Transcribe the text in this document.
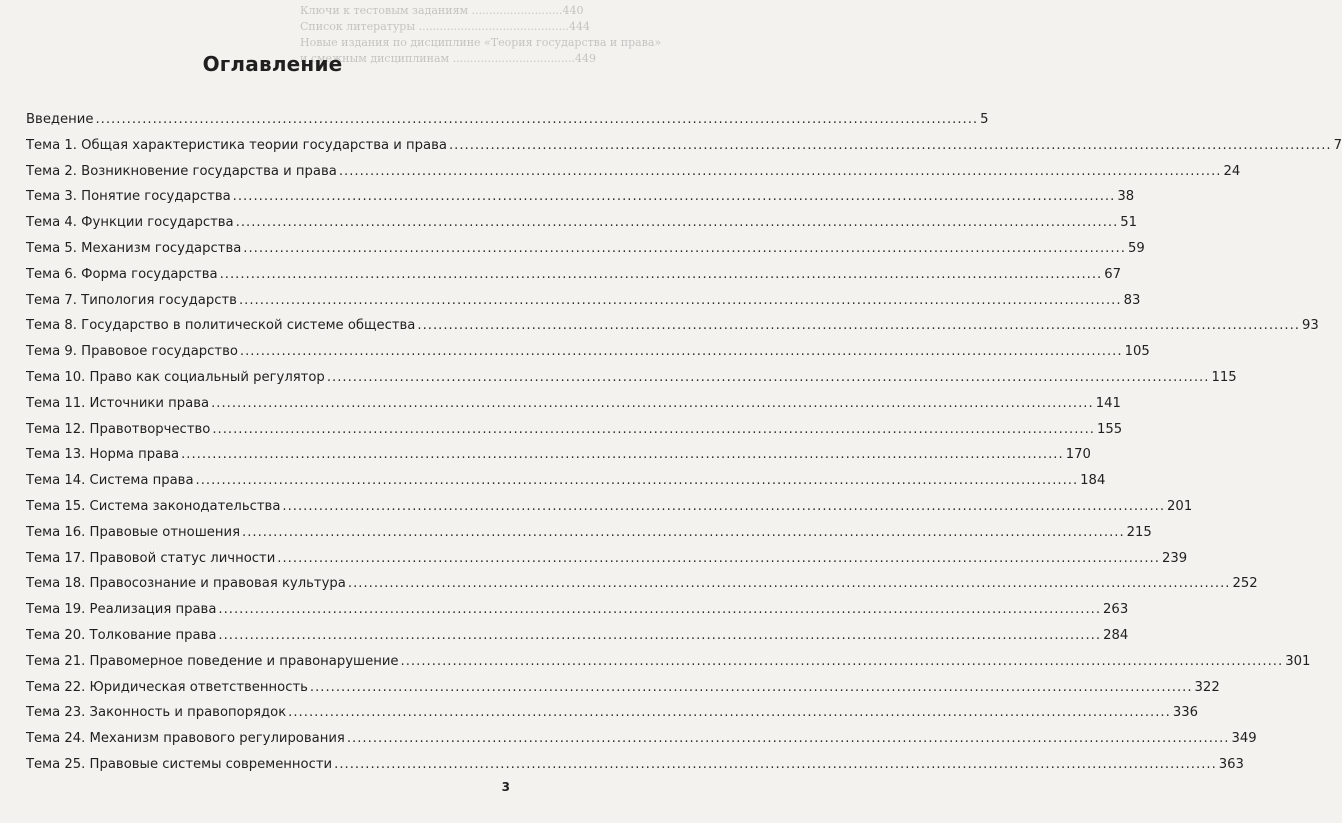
Ключи к тестовым заданиям ..........................440
Список литературы ...........................................444
Новые издания по дисциплине «Теория государства и права»
и смежным дисциплинам ...................................449
Оглавление
Введение .....	5
Тема 1. Общая характеристика теории государства и права .....	7
Тема 2. Возникновение государства и права .....	24
Тема 3. Понятие государства .....	38
Тема 4. Функции государства .....	51
Тема 5. Механизм государства .....	59
Тема 6. Форма государства .....	67
Тема 7. Типология государств .....	83
Тема 8. Государство в политической системе общества .....	93
Тема 9. Правовое государство .....	105
Тема 10. Право как социальный регулятор .....	115
Тема 11. Источники права .....	141
Тема 12. Правотворчество .....	155
Тема 13. Норма права .....	170
Тема 14. Система права .....	184
Тема 15. Система законодательства .....	201
Тема 16. Правовые отношения .....	215
Тема 17. Правовой статус личности .....	239
Тема 18. Правосознание и правовая культура .....	252
Тема 19. Реализация права .....	263
Тема 20. Толкование права .....	284
Тема 21. Правомерное поведение и правонарушение .....	301
Тема 22. Юридическая ответственность .....	322
Тема 23. Законность и правопорядок .....	336
Тема 24. Механизм правового регулирования .....	349
Тема 25. Правовые системы современности .....	363
3
